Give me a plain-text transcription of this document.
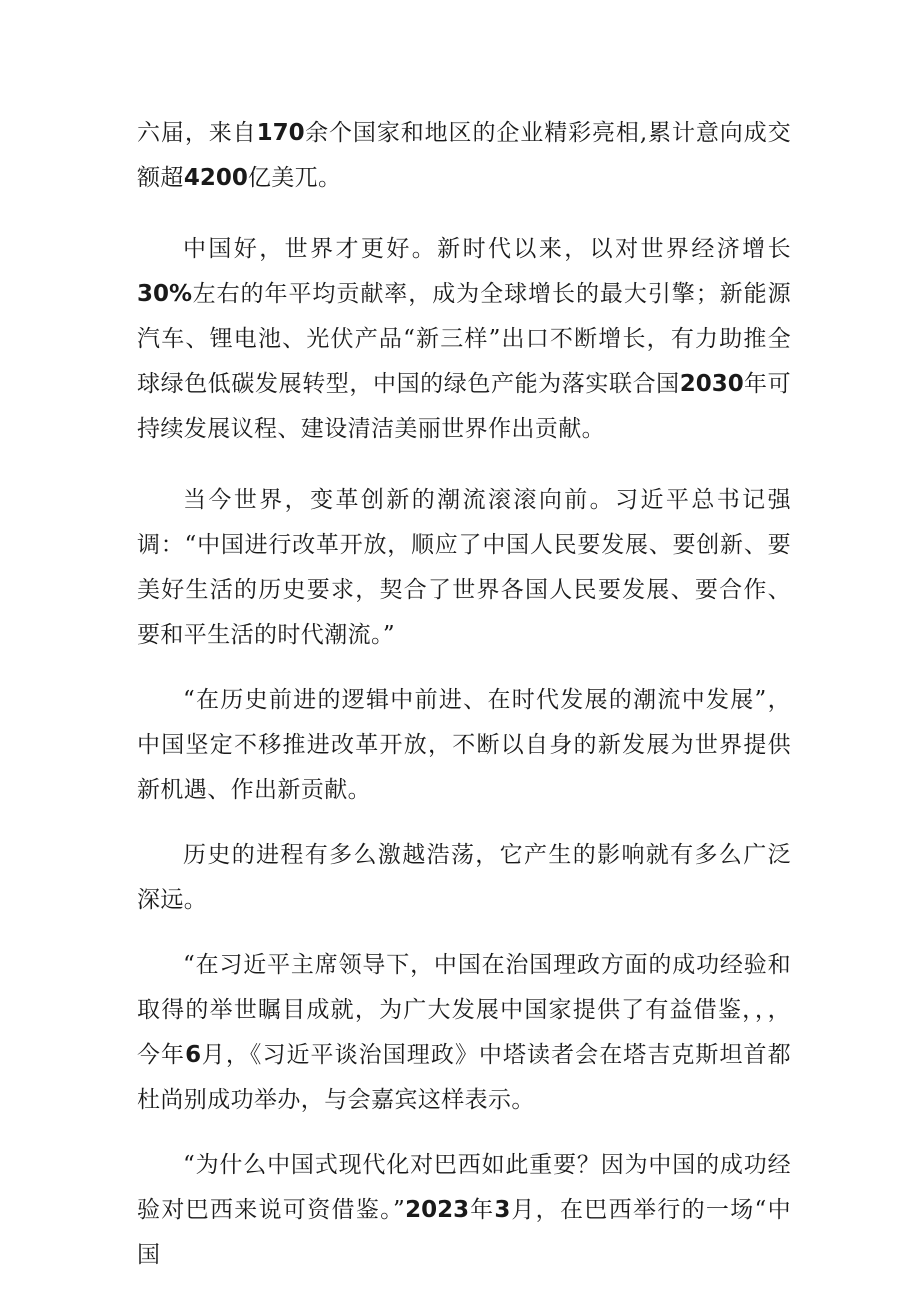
六届，来自170余个国家和地区的企业精彩亮相,累计意向成交额超4200亿美兀。

中国好，世界才更好。新时代以来，以对世界经济增长30%左右的年平均贡献率，成为全球增长的最大引擎；新能源汽车、锂电池、光伏产品“新三样”出口不断增长，有力助推全球绿色低碳发展转型，中国的绿色产能为落实联合国2030年可持续发展议程、建设清洁美丽世界作出贡献。

当今世界，变革创新的潮流滚滚向前。习近平总书记强调：“中国进行改革开放，顺应了中国人民要发展、要创新、要美好生活的历史要求，契合了世界各国人民要发展、要合作、要和平生活的时代潮流。”

“在历史前进的逻辑中前进、在时代发展的潮流中发展”，中国坚定不移推进改革开放，不断以自身的新发展为世界提供新机遇、作出新贡献。

历史的进程有多么激越浩荡，它产生的影响就有多么广泛深远。

“在习近平主席领导下，中国在治国理政方面的成功经验和取得的举世瞩目成就，为广大发展中国家提供了有益借鉴，，，今年6月，《习近平谈治国理政》中塔读者会在塔吉克斯坦首都杜尚别成功举办，与会嘉宾这样表示。

“为什么中国式现代化对巴西如此重要？因为中国的成功经验对巴西来说可资借鉴。”2023年3月，在巴西举行的一场“中国
